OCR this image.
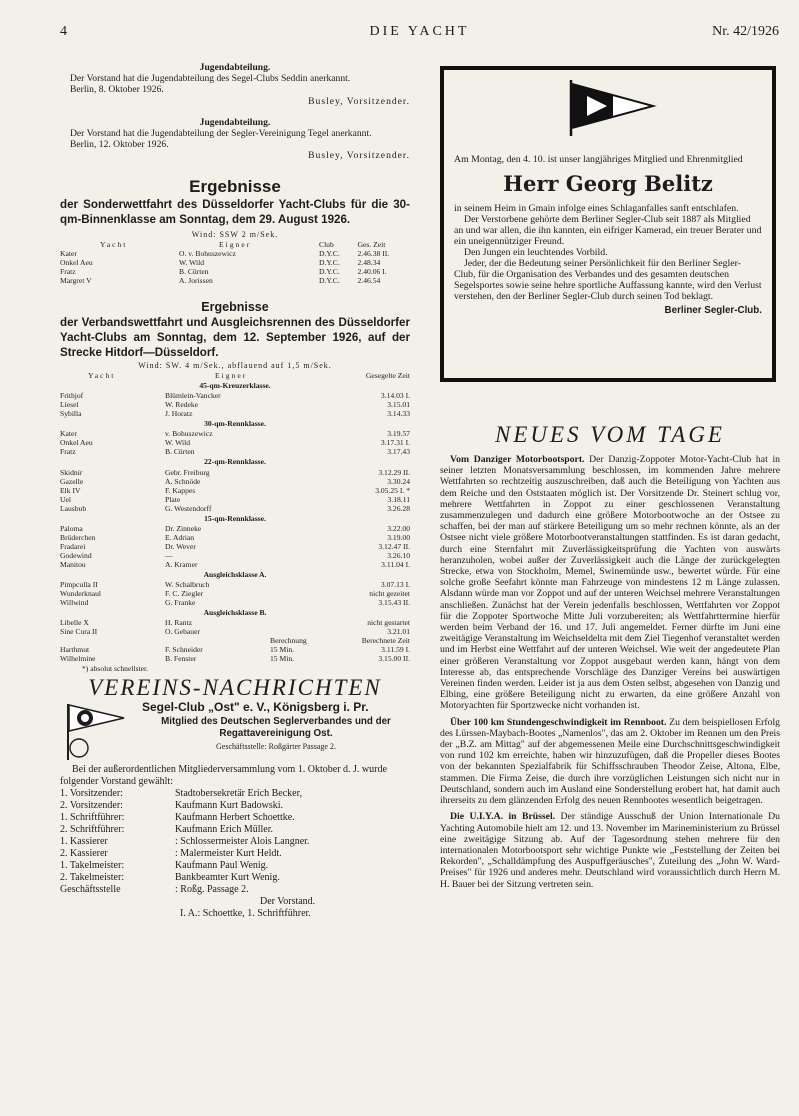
4	DIE YACHT	Nr. 42/1926

Jugendabteilung.

Der Vorstand hat die Jugendabteilung des Segel-Clubs Seddin anerkannt.

Berlin, 8. Oktober 1926.

Busley, Vorsitzender.

Jugendabteilung.

Der Vorstand hat die Jugendabteilung der Segler-Vereinigung Tegel anerkannt.

Berlin, 12. Oktober 1926.

Busley, Vorsitzender.

Ergebnisse

der Sonderwettfahrt des Düsseldorfer Yacht-Clubs für die 30-qm-Binnenklasse am Sonntag, dem 29. August 1926.

Wind: SSW 2 m/Sek.

Yacht	Eigner	Club	Ges. Zeit
Kater	O. v. Bohuszewicz	D.Y.C.	2.46.38 II.
Onkel Aeu	W. Wild	D.Y.C.	2.48.34
Fratz	B. Cürten	D.Y.C.	2.40.06 I.
Margret V	A. Jorissen	D.Y.C.	2.46.54

Ergebnisse

der Verbandswettfahrt und Ausgleichsrennen des Düsseldorfer Yacht-Clubs am Sonntag, dem 12. September 1926, auf der Strecke Hitdorf—Düsseldorf.

Wind: SW. 4 m/Sek., abflauend auf 1,5 m/Sek.

Yacht	Eigner	Gesegelte Zeit
45-qm-Kreuzerklasse.
Frithjof	Blümlein-Vancker	3.14.03 I.
Liesel	W. Redeke	3.15.01
Sybilla	J. Horatz	3.14.33
30-qm-Rennklasse.
Kater	v. Bohuszewicz	3.19.57
Onkel Aeu	W. Wild	3.17.31 I.
Fratz	B. Cürten	3.17.43
22-qm-Rennklasse.
Skidnir	Gebr. Freiburg	3.12.29 II.
Gazelle	A. Schnöde	3.30.24
Elk IV	F. Kappes	3.05.25 I. *
Uel	Plate	3.18.11
Lausbub	G. Westendorff	3.26.28
15-qm-Rennklasse.
Paloma	Dr. Zinneke	3.22.00
Brüderchen	E. Adrian	3.19.00
Fradarei	Dr. Wever	3.12.47 II.
Godewind	—	3.26.10
Manitou	A. Kramer	3.11.04 I.
Ausgleichsklasse A.
Pimpculla II	W. Schalbruch	3.07.13 I.
Wunderknaul	F. C. Ziegler	nicht gezeitet
Willwind	G. Franke	3.15.43 II.
Ausgleichsklasse B.
Libelle X	H. Rantz	nicht gestartet
Sine Cura II	O. Gebauer	3.21.01
		Berechnung	Berechnete Zeit
Harthmut	F. Schneider	15 Min.	3.11.59 I.
Wilhelmine	B. Fenster	15 Min.	3.15.00 II.

*) absolut schnellster.

VEREINS-NACHRICHTEN

Segel-Club „Ost" e. V., Königsberg i. Pr.

Mitglied des Deutschen Seglerverbandes und der Regattavereinigung Ost.

Geschäftsstelle: Roßgärter Passage 2.

Bei der außerordentlichen Mitgliederversammlung vom 1. Oktober d. J. wurde folgender Vorstand gewählt:

1. Vorsitzender:	Stadtobersekretär Erich Becker,
2. Vorsitzender:	Kaufmann Kurt Badowski.
1. Schriftführer:	Kaufmann Herbert Schoettke.
2. Schriftführer:	Kaufmann Erich Müller.
1. Kassierer	: Schlossermeister Alois Langner.
2. Kassierer	: Malermeister Kurt Heldt.
1. Takelmeister:	Kaufmann Paul Wenig.
2. Takelmeister:	Bankbeamter Kurt Wenig.
Geschäftsstelle	: Roßg. Passage 2.

Der Vorstand.

I. A.: Schoettke, 1. Schriftführer.

Am Montag, den 4. 10. ist unser langjähriges Mitglied und Ehrenmitglied

Herr Georg Belitz

in seinem Heim in Gmain infolge eines Schlaganfalles sanft entschlafen.

Der Verstorbene gehörte dem Berliner Segler-Club seit 1887 als Mitglied an und war allen, die ihn kannten, ein eifriger Kamerad, ein treuer Berater und ein uneigennütziger Freund.

Den Jungen ein leuchtendes Vorbild.

Jeder, der die Bedeutung seiner Persönlichkeit für den Berliner Segler-Club, für die Organisation des Verbandes und des gesamten deutschen Segelsportes sowie seine hehre sportliche Auffassung kannte, wird den Verlust verstehen, den der Berliner Segler-Club durch seinen Tod beklagt.

Berliner Segler-Club.

NEUES VOM TAGE

Vom Danziger Motorbootsport. Der Danzig-Zoppoter Motor-Yacht-Club hat in seiner letzten Monatsversammlung beschlossen, im kommenden Jahre mehrere Wettfahrten so rechtzeitig auszuschreiben, daß auch die Beteiligung von Yachten aus dem Reiche und den Oststaaten möglich ist. Der Vorsitzende Dr. Steinert schlug vor, mehrere Wettfahrten in Zoppot zu einer geschlossenen Veranstaltung zusammenzulegen und dadurch eine größere Motorbootwoche an der Ostsee zu schaffen, bei der man auf stärkere Beteiligung um so mehr rechnen könnte, als an der Ostsee nicht viele größere Motorbootveranstaltungen stattfinden. Es ist daran gedacht, durch eine Sternfahrt mit Zuverlässigkeitsprüfung die Yachten von auswärts heranzuholen, wobei außer der Zuverlässigkeit auch die Länge der zurückgelegten Strecke, etwa von Stockholm, Memel, Swinemünde usw., bewertet würde. Für eine solche große Seefahrt könnte man Fahrzeuge von mindestens 12 m Länge zulassen. Alsdann würde man vor Zoppot und auf der unteren Weichsel mehrere Veranstaltungen anschließen. Zunächst hat der Verein jedenfalls beschlossen, Wettfahrten vor Zoppot für die Zoppoter Sportwoche Mitte Juli vorzubereiten; als Wettfahrttermine hierfür werden beim Verband der 16. und 17. Juli angemeldet. Ferner dürfte im Juni eine zweitägige Veranstaltung im Weichseldelta mit dem Ziel Tiegenhof veranstaltet werden und im Herbst eine Wettfahrt auf der unteren Weichsel. Wie weit der angedeutete Plan einer größeren Veranstaltung vor Zoppot ausgebaut werden kann, hängt von dem Interesse ab, das entsprechende Vorschläge des Danziger Vereins bei auswärtigen Vereinen finden werden. Leider ist ja aus dem Osten selbst, abgesehen von Danzig und Elbing, eine größere Beteiligung nicht zu erwarten, da eine größere Anzahl von Motoryachten für Sportzwecke nicht vorhanden ist.

Über 100 km Stundengeschwindigkeit im Rennboot. Zu dem beispiellosen Erfolg des Lürssen-Maybach-Bootes „Namenlos", das am 2. Oktober im Rennen um den Preis der „B.Z. am Mittag" auf der abgemessenen Meile eine Durchschnittsgeschwindigkeit von rund 102 km erreichte, haben wir hinzuzufügen, daß die Propeller dieses Bootes von der bekannten Spezialfabrik für Schiffsschrauben Theodor Zeise, Altona, Elbe, stammen. Die Firma Zeise, die durch ihre vorzüglichen Leistungen sich nicht nur in Deutschland, sondern auch im Ausland eine Sonderstellung erobert hat, hat damit auch ihrerseits zu dem glänzenden Erfolg des neuen Rennbootes wesentlich beigetragen.

Die U.I.Y.A. in Brüssel. Der ständige Ausschuß der Union Internationale Du Yachting Automobile hielt am 12. und 13. November im Marineministerium zu Brüssel eine zweitägige Sitzung ab. Auf der Tagesordnung stehen mehrere für den internationalen Motorbootsport sehr wichtige Punkte wie „Feststellung der Zeiten bei Rekorden", „Schalldämpfung des Auspuffgeräusches", Zuteilung des „John W. Ward-Preises" für 1926 und anderes mehr. Deutschland wird voraussichtlich durch Herrn M. H. Bauer bei der Sitzung vertreten sein.
